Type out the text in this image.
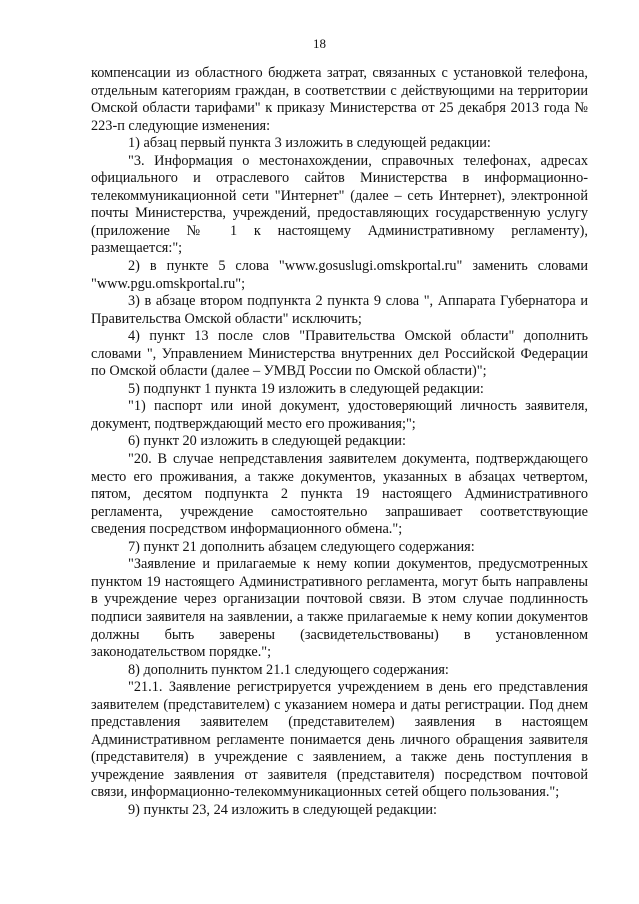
18

компенсации из областного бюджета затрат, связанных с установкой телефона, отдельным категориям граждан, в соответствии с действующими на территории Омской области тарифами" к приказу Министерства от 25 декабря 2013 года № 223-п следующие изменения:

1) абзац первый пункта 3 изложить в следующей редакции:

"3. Информация о местонахождении, справочных телефонах, адресах официального и отраслевого сайтов Министерства в информационно-телекоммуникационной сети "Интернет" (далее – сеть Интернет), электронной почты Министерства, учреждений, предоставляющих государственную услугу (приложение № 1 к настоящему Административному регламенту), размещается:";

2) в пункте 5 слова "www.gosuslugi.omskportal.ru" заменить словами "www.pgu.omskportal.ru";

3) в абзаце втором подпункта 2 пункта 9 слова ", Аппарата Губернатора и Правительства Омской области" исключить;

4) пункт 13 после слов "Правительства Омской области" дополнить словами ", Управлением Министерства внутренних дел Российской Федерации по Омской области (далее – УМВД России по Омской области)";

5) подпункт 1 пункта 19 изложить в следующей редакции:

"1) паспорт или иной документ, удостоверяющий личность заявителя, документ, подтверждающий место его проживания;";

6) пункт 20 изложить в следующей редакции:

"20. В случае непредставления заявителем документа, подтверждающего место его проживания, а также документов, указанных в абзацах четвертом, пятом, десятом подпункта 2 пункта 19 настоящего Административного регламента, учреждение самостоятельно запрашивает соответствующие сведения посредством информационного обмена.";

7) пункт 21 дополнить абзацем следующего содержания:

"Заявление и прилагаемые к нему копии документов, предусмотренных пунктом 19 настоящего Административного регламента, могут быть направлены в учреждение через организации почтовой связи. В этом случае подлинность подписи заявителя на заявлении, а также прилагаемые к нему копии документов должны быть заверены (засвидетельствованы) в установленном законодательством порядке.";

8) дополнить пунктом 21.1 следующего содержания:

"21.1. Заявление регистрируется учреждением в день его представления заявителем (представителем) с указанием номера и даты регистрации. Под днем представления заявителем (представителем) заявления в настоящем Административном регламенте понимается день личного обращения заявителя (представителя) в учреждение с заявлением, а также день поступления в учреждение заявления от заявителя (представителя) посредством почтовой связи, информационно-телекоммуникационных сетей общего пользования.";

9) пункты 23, 24 изложить в следующей редакции:
